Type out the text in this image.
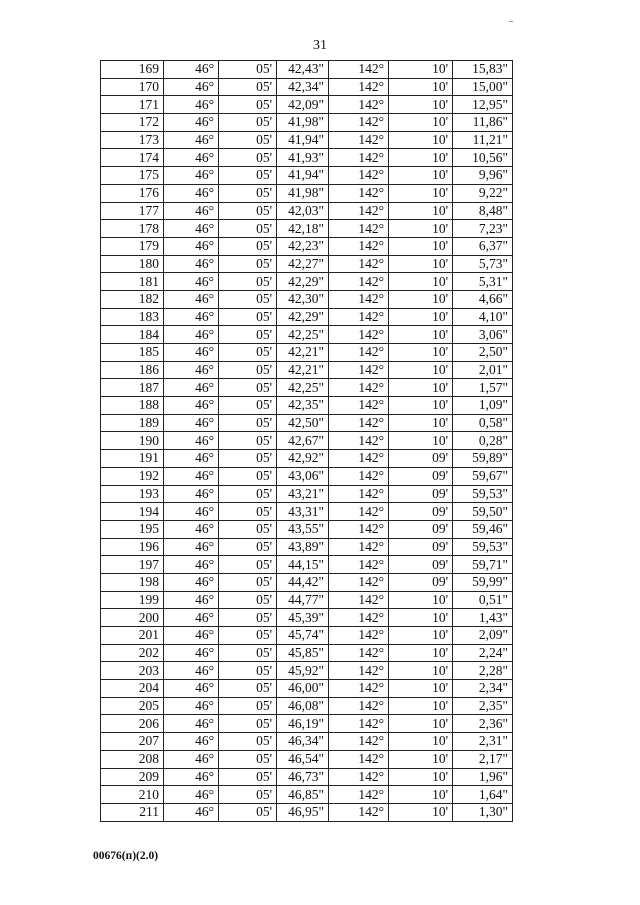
31
169	46°	05'	42,43"	142°	10'	15,83"
170	46°	05'	42,34"	142°	10'	15,00"
171	46°	05'	42,09"	142°	10'	12,95"
172	46°	05'	41,98"	142°	10'	11,86"
173	46°	05'	41,94"	142°	10'	11,21"
174	46°	05'	41,93"	142°	10'	10,56"
175	46°	05'	41,94"	142°	10'	9,96"
176	46°	05'	41,98"	142°	10'	9,22"
177	46°	05'	42,03"	142°	10'	8,48"
178	46°	05'	42,18"	142°	10'	7,23"
179	46°	05'	42,23"	142°	10'	6,37"
180	46°	05'	42,27"	142°	10'	5,73"
181	46°	05'	42,29"	142°	10'	5,31"
182	46°	05'	42,30"	142°	10'	4,66"
183	46°	05'	42,29"	142°	10'	4,10"
184	46°	05'	42,25"	142°	10'	3,06"
185	46°	05'	42,21"	142°	10'	2,50"
186	46°	05'	42,21"	142°	10'	2,01"
187	46°	05'	42,25"	142°	10'	1,57"
188	46°	05'	42,35"	142°	10'	1,09"
189	46°	05'	42,50"	142°	10'	0,58"
190	46°	05'	42,67"	142°	10'	0,28"
191	46°	05'	42,92"	142°	09'	59,89"
192	46°	05'	43,06"	142°	09'	59,67"
193	46°	05'	43,21"	142°	09'	59,53"
194	46°	05'	43,31"	142°	09'	59,50"
195	46°	05'	43,55"	142°	09'	59,46"
196	46°	05'	43,89"	142°	09'	59,53"
197	46°	05'	44,15"	142°	09'	59,71"
198	46°	05'	44,42"	142°	09'	59,99"
199	46°	05'	44,77"	142°	10'	0,51"
200	46°	05'	45,39"	142°	10'	1,43"
201	46°	05'	45,74"	142°	10'	2,09"
202	46°	05'	45,85"	142°	10'	2,24"
203	46°	05'	45,92"	142°	10'	2,28"
204	46°	05'	46,00"	142°	10'	2,34"
205	46°	05'	46,08"	142°	10'	2,35"
206	46°	05'	46,19"	142°	10'	2,36"
207	46°	05'	46,34"	142°	10'	2,31"
208	46°	05'	46,54"	142°	10'	2,17"
209	46°	05'	46,73"	142°	10'	1,96"
210	46°	05'	46,85"	142°	10'	1,64"
211	46°	05'	46,95"	142°	10'	1,30"
00676(п)(2.0)
